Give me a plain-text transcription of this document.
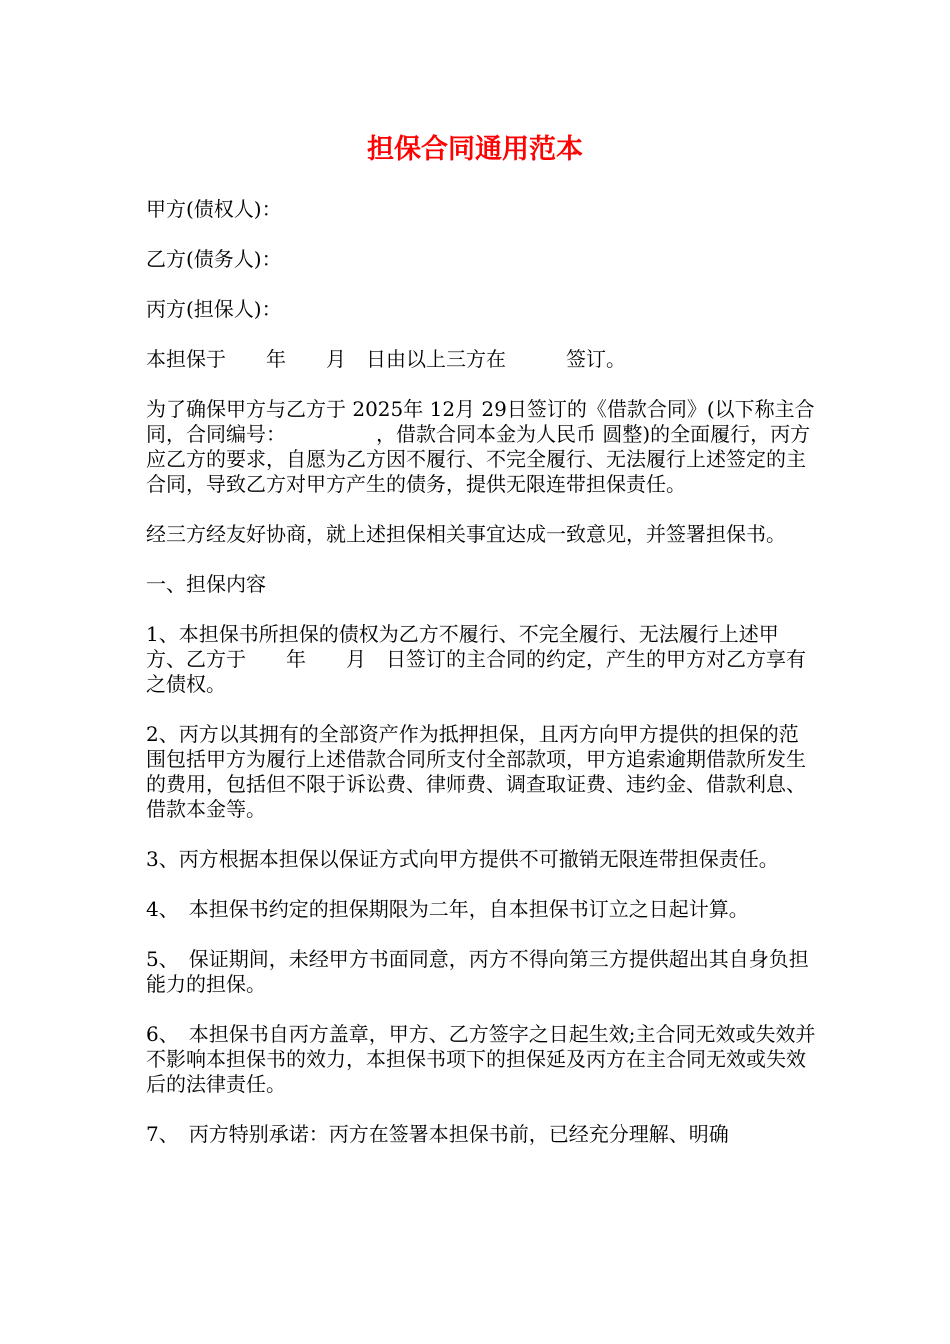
担保合同通用范本

甲方(债权人)：

乙方(债务人)：

丙方(担保人)：

本担保于　　年　　月　日由以上三方在　　　签订。

为了确保甲方与乙方于 2025年 12月 29日签订的《借款合同》(以下称主合同，合同编号：　　　　　，借款合同本金为人民币 圆整)的全面履行，丙方应乙方的要求，自愿为乙方因不履行、不完全履行、无法履行上述签定的主合同，导致乙方对甲方产生的债务，提供无限连带担保责任。

经三方经友好协商，就上述担保相关事宜达成一致意见，并签署担保书。

一、担保内容

1、本担保书所担保的债权为乙方不履行、不完全履行、无法履行上述甲方、乙方于　　年　　月　日签订的主合同的约定，产生的甲方对乙方享有之债权。

2、丙方以其拥有的全部资产作为抵押担保，且丙方向甲方提供的担保的范围包括甲方为履行上述借款合同所支付全部款项，甲方追索逾期借款所发生的费用，包括但不限于诉讼费、律师费、调查取证费、违约金、借款利息、借款本金等。

3、丙方根据本担保以保证方式向甲方提供不可撤销无限连带担保责任。

4、　本担保书约定的担保期限为二年，自本担保书订立之日起计算。

5、　保证期间，未经甲方书面同意，丙方不得向第三方提供超出其自身负担能力的担保。

6、　本担保书自丙方盖章，甲方、乙方签字之日起生效;主合同无效或失效并不影响本担保书的效力，本担保书项下的担保延及丙方在主合同无效或失效后的法律责任。

7、　丙方特别承诺：丙方在签署本担保书前，已经充分理解、明确
